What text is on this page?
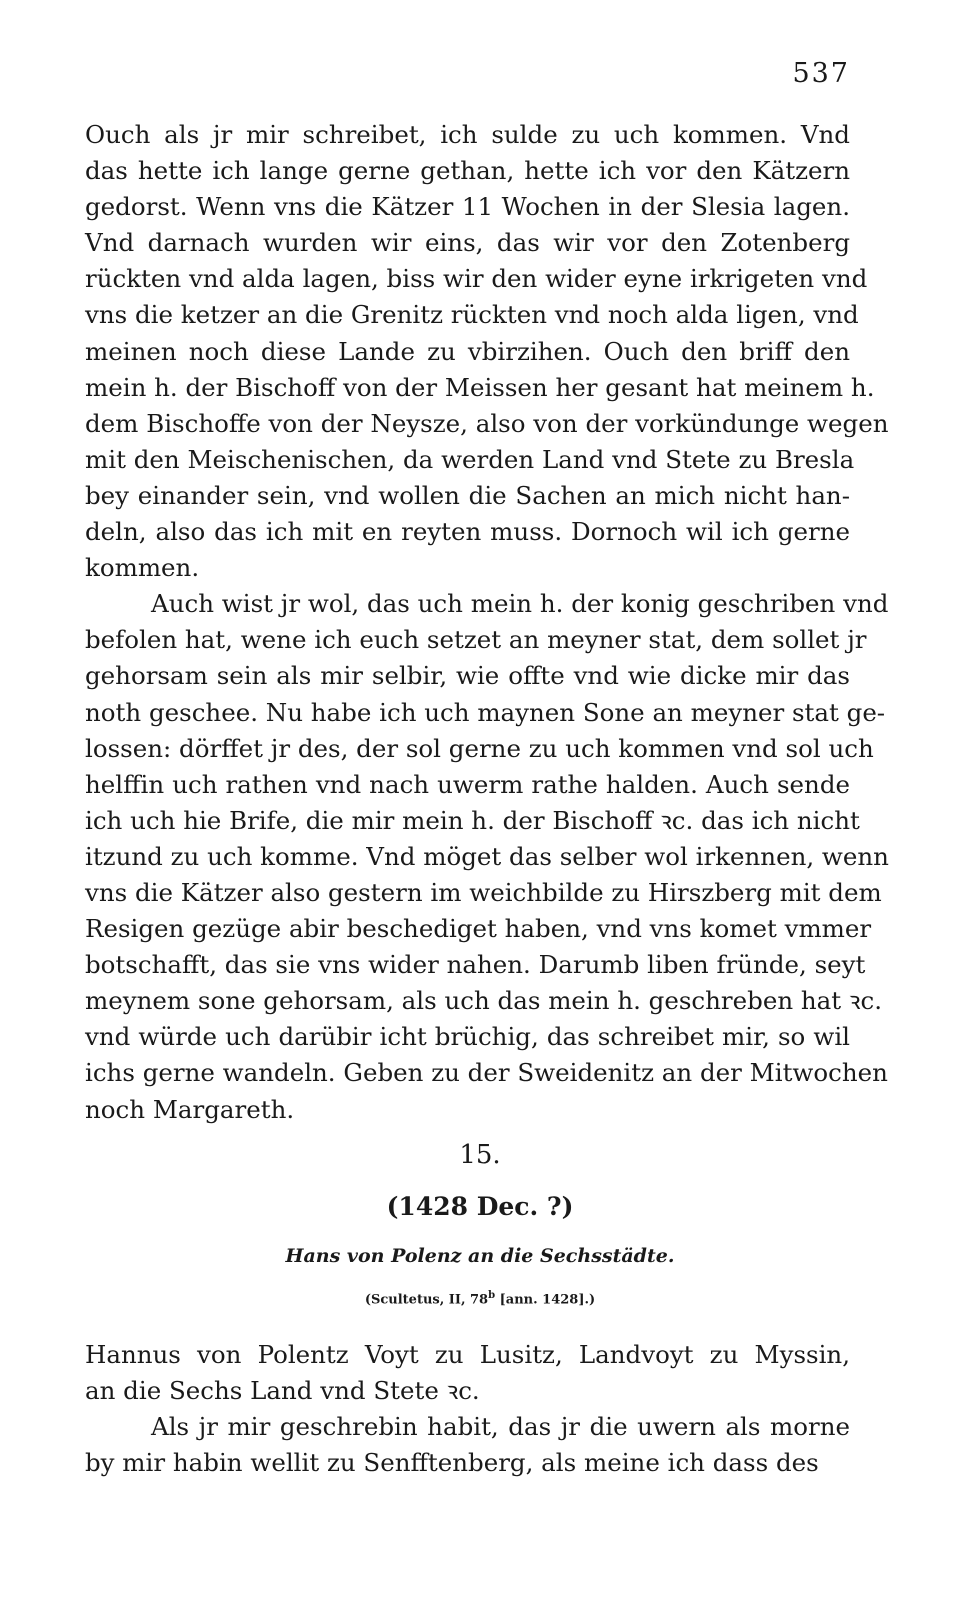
537

Ouch als jr mir schreibet, ich sulde zu uch kommen. Vnd
das hette ich lange gerne gethan, hette ich vor den Kätzern
gedorst. Wenn vns die Kätzer 11 Wochen in der Slesia lagen.
Vnd darnach wurden wir eins, das wir vor den Zotenberg
rückten vnd alda lagen, biss wir den wider eyne irkrigeten vnd
vns die ketzer an die Grenitz rückten vnd noch alda ligen, vnd
meinen noch diese Lande zu vbirzihen. Ouch den briff den
mein h. der Bischoff von der Meissen her gesant hat meinem h.
dem Bischoffe von der Neysze, also von der vorkündunge wegen
mit den Meischenischen, da werden Land vnd Stete zu Bresla
bey einander sein, vnd wollen die Sachen an mich nicht han-
deln, also das ich mit en reyten muss. Dornoch wil ich gerne
kommen.

Auch wist jr wol, das uch mein h. der konig geschriben vnd
befolen hat, wene ich euch setzet an meyner stat, dem sollet jr
gehorsam sein als mir selbir, wie offte vnd wie dicke mir das
noth geschee. Nu habe ich uch maynen Sone an meyner stat ge-
lossen: dörffet jr des, der sol gerne zu uch kommen vnd sol uch
helffin uch rathen vnd nach uwerm rathe halden. Auch sende
ich uch hie Brife, die mir mein h. der Bischoff ꝛc. das ich nicht
itzund zu uch komme. Vnd möget das selber wol irkennen, wenn
vns die Kätzer also gestern im weichbilde zu Hirszberg mit dem
Resigen gezüge abir beschediget haben, vnd vns komet vmmer
botschafft, das sie vns wider nahen. Darumb liben fründe, seyt
meynem sone gehorsam, als uch das mein h. geschreben hat ꝛc.
vnd würde uch darübir icht brüchig, das schreibet mir, so wil
ichs gerne wandeln. Geben zu der Sweidenitz an der Mitwochen
noch Margareth.

15.
(1428 Dec. ?)
Hans von Polenz an die Sechsstädte.
(Scultetus, II, 78$^b$ [ann. 1428].)

Hannus von Polentz Voyt zu Lusitz, Landvoyt zu Myssin,
an die Sechs Land vnd Stete ꝛc.

Als jr mir geschrebin habit, das jr die uwern als morne
by mir habin wellit zu Senfftenberg, als meine ich dass des
